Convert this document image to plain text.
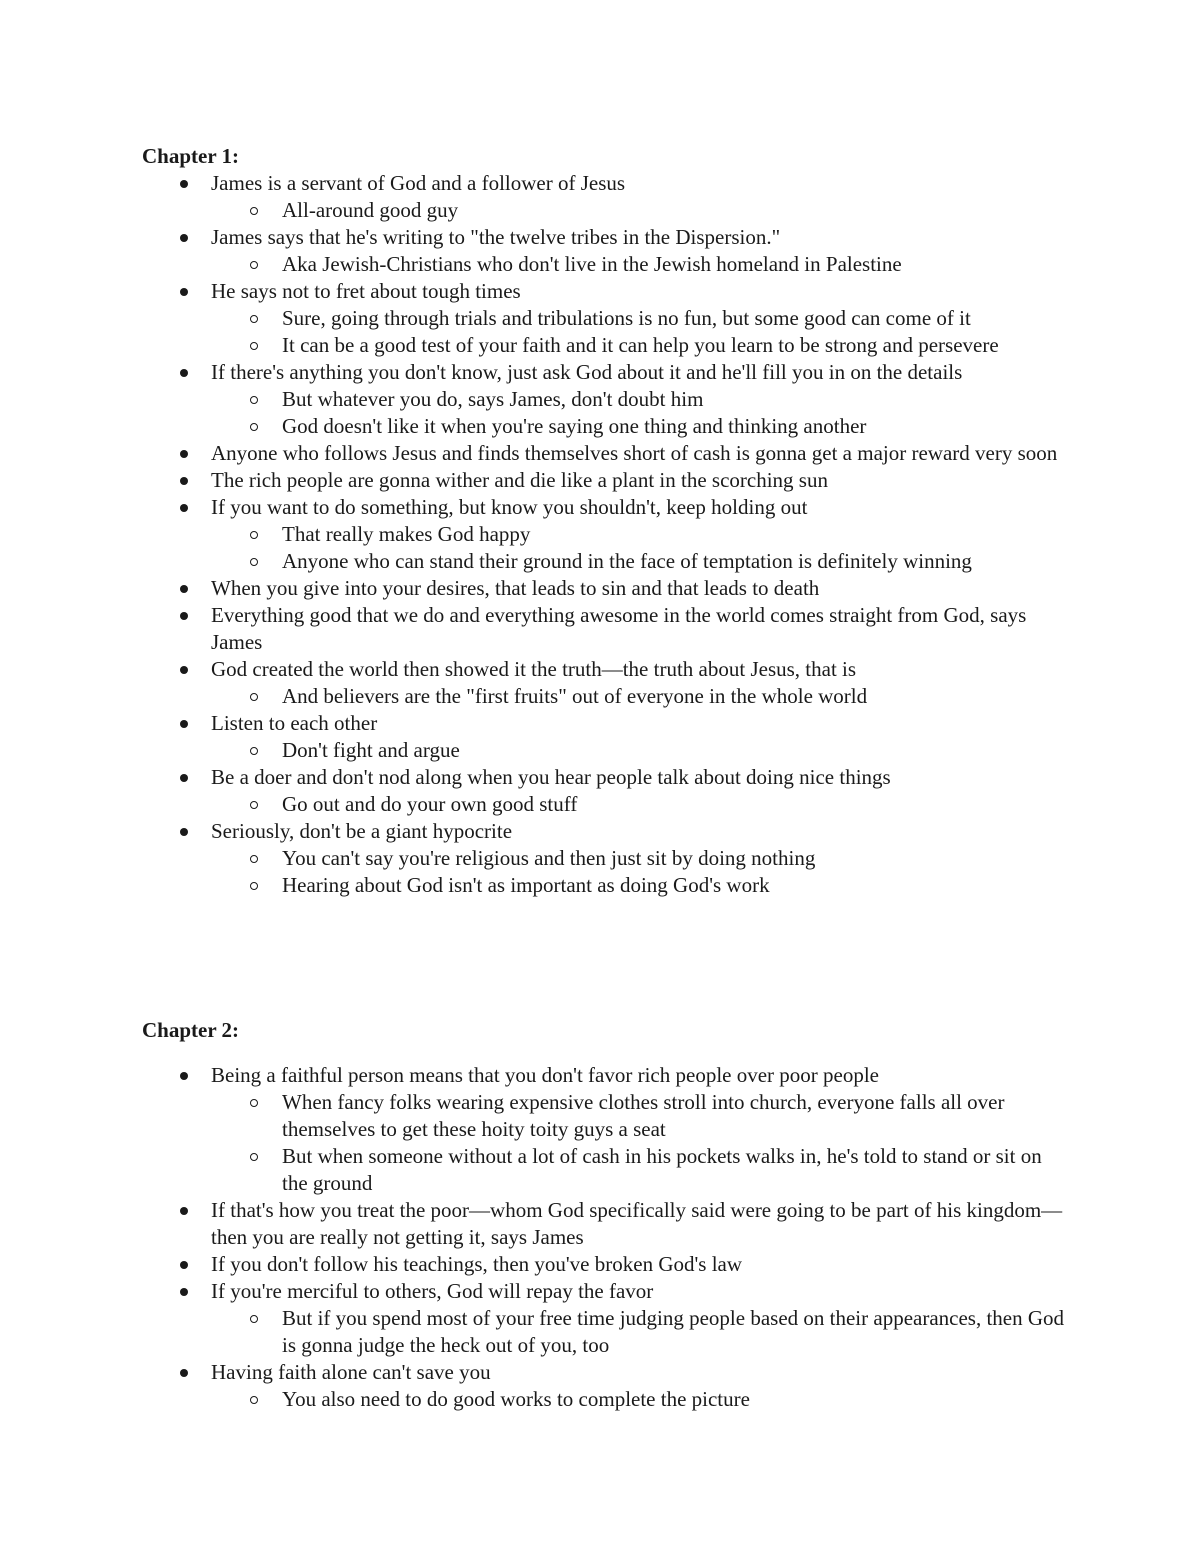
Chapter 1:
James is a servant of God and a follower of Jesus
All-around good guy
James says that he's writing to "the twelve tribes in the Dispersion."
Aka Jewish-Christians who don't live in the Jewish homeland in Palestine
He says not to fret about tough times
Sure, going through trials and tribulations is no fun, but some good can come of it
It can be a good test of your faith and it can help you learn to be strong and persevere
If there's anything you don't know, just ask God about it and he'll fill you in on the details
But whatever you do, says James, don't doubt him
God doesn't like it when you're saying one thing and thinking another
Anyone who follows Jesus and finds themselves short of cash is gonna get a major reward very soon
The rich people are gonna wither and die like a plant in the scorching sun
If you want to do something, but know you shouldn't, keep holding out
That really makes God happy
Anyone who can stand their ground in the face of temptation is definitely winning
When you give into your desires, that leads to sin and that leads to death
Everything good that we do and everything awesome in the world comes straight from God, says James
God created the world then showed it the truth—the truth about Jesus, that is
And believers are the "first fruits" out of everyone in the whole world
Listen to each other
Don't fight and argue
Be a doer and don't nod along when you hear people talk about doing nice things
Go out and do your own good stuff
Seriously, don't be a giant hypocrite
You can't say you're religious and then just sit by doing nothing
Hearing about God isn't as important as doing God's work
Chapter 2:
Being a faithful person means that you don't favor rich people over poor people
When fancy folks wearing expensive clothes stroll into church, everyone falls all over themselves to get these hoity toity guys a seat
But when someone without a lot of cash in his pockets walks in, he's told to stand or sit on the ground
If that's how you treat the poor—whom God specifically said were going to be part of his kingdom—then you are really not getting it, says James
If you don't follow his teachings, then you've broken God's law
If you're merciful to others, God will repay the favor
But if you spend most of your free time judging people based on their appearances, then God is gonna judge the heck out of you, too
Having faith alone can't save you
You also need to do good works to complete the picture
